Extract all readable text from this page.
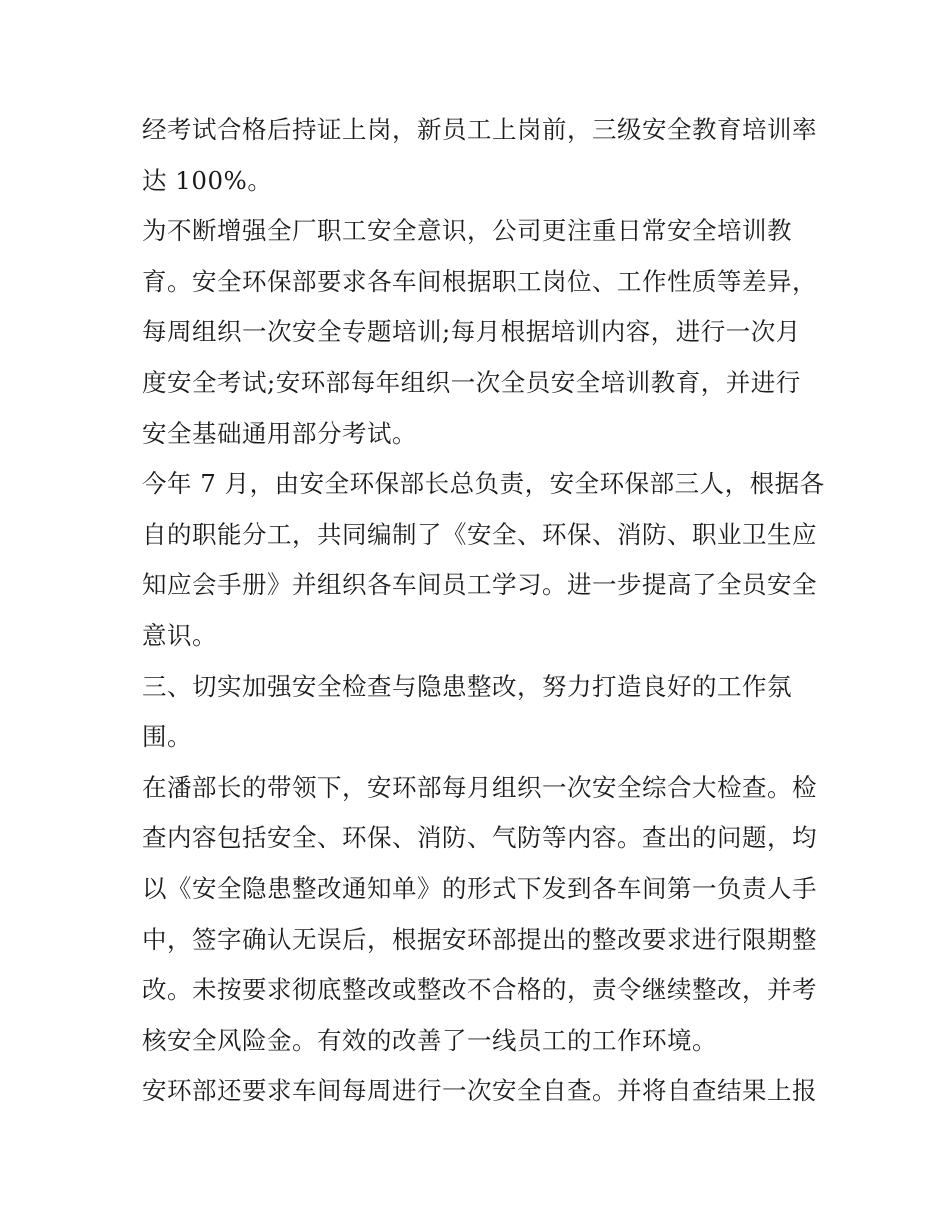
经考试合格后持证上岗，新员工上岗前，三级安全教育培训率
达 100%。
为不断增强全厂职工安全意识，公司更注重日常安全培训教
育。安全环保部要求各车间根据职工岗位、工作性质等差异，
每周组织一次安全专题培训;每月根据培训内容，进行一次月
度安全考试;安环部每年组织一次全员安全培训教育，并进行
安全基础通用部分考试。
今年 7 月，由安全环保部长总负责，安全环保部三人，根据各
自的职能分工，共同编制了《安全、环保、消防、职业卫生应
知应会手册》并组织各车间员工学习。进一步提高了全员安全
意识。
三、切实加强安全检查与隐患整改，努力打造良好的工作氛
围。
在潘部长的带领下，安环部每月组织一次安全综合大检查。检
查内容包括安全、环保、消防、气防等内容。查出的问题，均
以《安全隐患整改通知单》的形式下发到各车间第一负责人手
中，签字确认无误后，根据安环部提出的整改要求进行限期整
改。未按要求彻底整改或整改不合格的，责令继续整改，并考
核安全风险金。有效的改善了一线员工的工作环境。
安环部还要求车间每周进行一次安全自查。并将自查结果上报
